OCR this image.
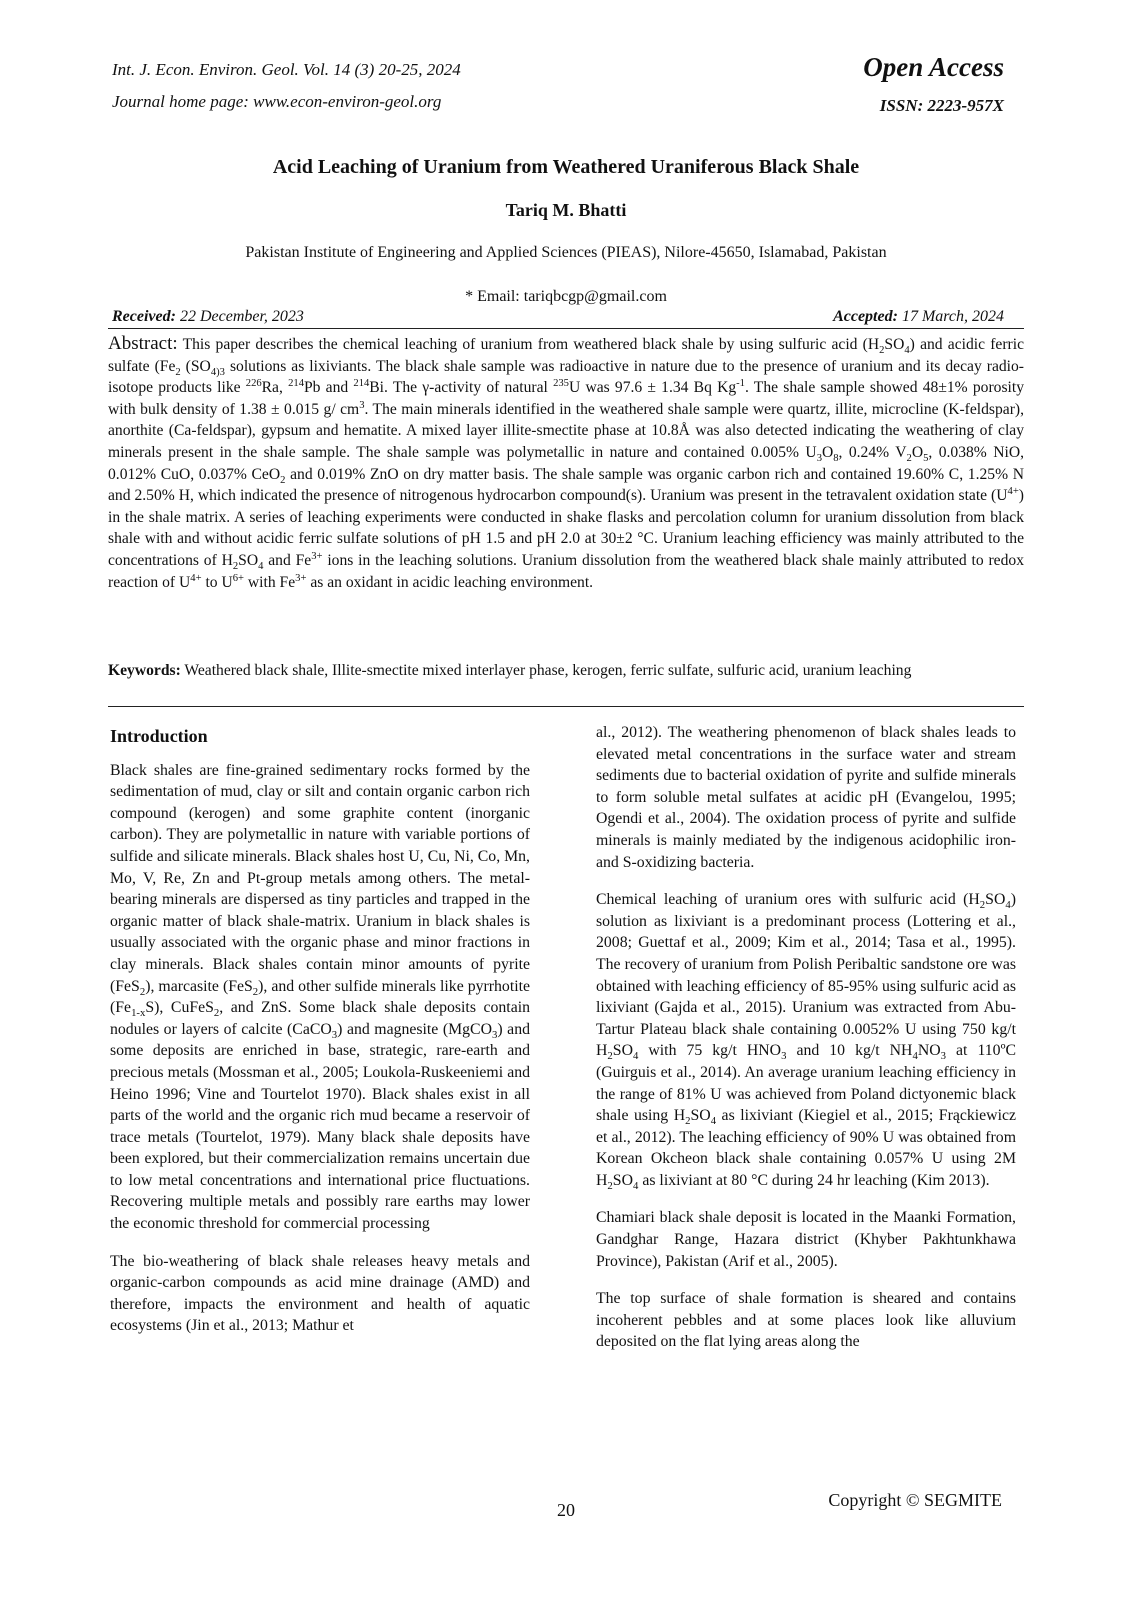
Int. J. Econ. Environ. Geol. Vol. 14 (3) 20-25, 2024
Journal home page: www.econ-environ-geol.org
Open Access
ISSN: 2223-957X
Acid Leaching of Uranium from Weathered Uraniferous Black Shale
Tariq M. Bhatti
Pakistan Institute of Engineering and Applied Sciences (PIEAS), Nilore-45650, Islamabad, Pakistan
* Email: tariqbcgp@gmail.com
Received: 22 December, 2023	Accepted: 17 March, 2024
Abstract: This paper describes the chemical leaching of uranium from weathered black shale by using sulfuric acid $(H_2SO_4)$ and acidic ferric sulfate ($Fe_2$ ($SO_{4)3}$ solutions as lixiviants. The black shale sample was radioactive in nature due to the presence of uranium and its decay radio-isotope products like $^{226}$Ra, $^{214}$Pb and $^{214}$Bi. The γ-activity of natural $^{235}$U was 97.6 ± 1.34 Bq $Kg^{-1}$. The shale sample showed 48±1% porosity with bulk density of 1.38 ± 0.015 g/ $cm^3$. The main minerals identified in the weathered shale sample were quartz, illite, microcline (K-feldspar), anorthite (Ca-feldspar), gypsum and hematite. A mixed layer illite-smectite phase at 10.8Å was also detected indicating the weathering of clay minerals present in the shale sample. The shale sample was polymetallic in nature and contained 0.005% $U_3O_8$, 0.24% $V_2O_5$, 0.038% NiO, 0.012% CuO, 0.037% CeO$_2$ and 0.019% ZnO on dry matter basis. The shale sample was organic carbon rich and contained 19.60% C, 1.25% N and 2.50% H, which indicated the presence of nitrogenous hydrocarbon compound(s). Uranium was present in the tetravalent oxidation state $(U^{4+})$ in the shale matrix. A series of leaching experiments were conducted in shake flasks and percolation column for uranium dissolution from black shale with and without acidic ferric sulfate solutions of pH 1.5 and pH 2.0 at 30±2 °C. Uranium leaching efficiency was mainly attributed to the concentrations of $H_2SO_4$ and $Fe^{3+}$ ions in the leaching solutions. Uranium dissolution from the weathered black shale mainly attributed to redox reaction of $U^{4+}$ to $U^{6+}$ with $Fe^{3+}$ as an oxidant in acidic leaching environment.
Keywords: Weathered black shale, Illite-smectite mixed interlayer phase, kerogen, ferric sulfate, sulfuric acid, uranium leaching
Introduction

Black shales are fine-grained sedimentary rocks formed by the sedimentation of mud, clay or silt and contain organic carbon rich compound (kerogen) and some graphite content (inorganic carbon). They are polymetallic in nature with variable portions of sulfide and silicate minerals. Black shales host U, Cu, Ni, Co, Mn, Mo, V, Re, Zn and Pt-group metals among others. The metal-bearing minerals are dispersed as tiny particles and trapped in the organic matter of black shale-matrix. Uranium in black shales is usually associated with the organic phase and minor fractions in clay minerals. Black shales contain minor amounts of pyrite (FeS$_2$), marcasite (FeS$_2$), and other sulfide minerals like pyrrhotite $(Fe_{1-x}S)$, CuFeS$_2$, and ZnS. Some black shale deposits contain nodules or layers of calcite (CaCO$_3$) and magnesite (MgCO$_3$) and some deposits are enriched in base, strategic, rare-earth and precious metals (Mossman et al., 2005; Loukola-Ruskeeniemi and Heino 1996; Vine and Tourtelot 1970). Black shales exist in all parts of the world and the organic rich mud became a reservoir of trace metals (Tourtelot, 1979). Many black shale deposits have been explored, but their commercialization remains uncertain due to low metal concentrations and international price fluctuations. Recovering multiple metals and possibly rare earths may lower the economic threshold for commercial processing

The bio-weathering of black shale releases heavy metals and organic-carbon compounds as acid mine drainage (AMD) and therefore, impacts the environment and health of aquatic ecosystems (Jin et al., 2013; Mathur et

al., 2012). The weathering phenomenon of black shales leads to elevated metal concentrations in the surface water and stream sediments due to bacterial oxidation of pyrite and sulfide minerals to form soluble metal sulfates at acidic pH (Evangelou, 1995; Ogendi et al., 2004). The oxidation process of pyrite and sulfide minerals is mainly mediated by the indigenous acidophilic iron- and S-oxidizing bacteria.

Chemical leaching of uranium ores with sulfuric acid $(H_2SO_4)$ solution as lixiviant is a predominant process (Lottering et al., 2008; Guettaf et al., 2009; Kim et al., 2014; Tasa et al., 1995). The recovery of uranium from Polish Peribaltic sandstone ore was obtained with leaching efficiency of 85-95% using sulfuric acid as lixiviant (Gajda et al., 2015). Uranium was extracted from Abu-Tartur Plateau black shale containing 0.0052% U using 750 kg/t $H_2SO_4$ with 75 kg/t $HNO_3$ and 10 kg/t $NH_4NO_3$ at 110ºC (Guirguis et al., 2014). An average uranium leaching efficiency in the range of 81% U was achieved from Poland dictyonemic black shale using $H_2SO_4$ as lixiviant (Kiegiel et al., 2015; Frąckiewicz et al., 2012). The leaching efficiency of 90% U was obtained from Korean Okcheon black shale containing 0.057% U using 2M $H_2SO_4$ as lixiviant at 80 °C during 24 hr leaching (Kim 2013).

Chamiari black shale deposit is located in the Maanki Formation, Gandghar Range, Hazara district (Khyber Pakhtunkhawa Province), Pakistan (Arif et al., 2005).

The top surface of shale formation is sheared and contains incoherent pebbles and at some places look like alluvium deposited on the flat lying areas along the

20	Copyright © SEGMITE
